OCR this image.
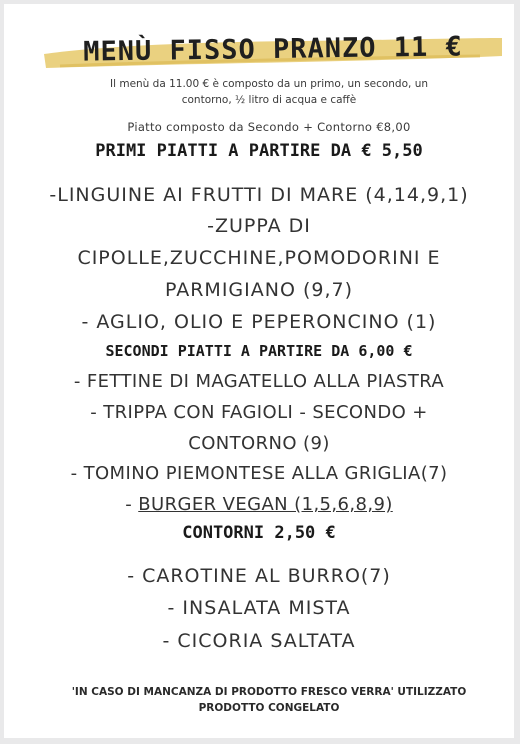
MENÙ FISSO PRANZO 11 €
Il menù da 11.00 € è composto da un primo, un secondo, un
contorno, ½ litro di acqua e caffè
Piatto composto da Secondo + Contorno €8,00
PRIMI PIATTI A PARTIRE DA € 5,50
-LINGUINE AI FRUTTI DI MARE (4,14,9,1)
-ZUPPA DI
CIPOLLE,ZUCCHINE,POMODORINI E
PARMIGIANO (9,7)
- AGLIO, OLIO E PEPERONCINO (1)
SECONDI PIATTI A PARTIRE DA 6,00 €
- FETTINE DI MAGATELLO ALLA PIASTRA
- TRIPPA CON FAGIOLI - SECONDO +
CONTORNO (9)
- TOMINO PIEMONTESE ALLA GRIGLIA(7)
- BURGER VEGAN (1,5,6,8,9)
CONTORNI 2,50 €
- CAROTINE AL BURRO(7)
- INSALATA MISTA
- CICORIA SALTATA
'IN CASO DI MANCANZA DI PRODOTTO FRESCO VERRA' UTILIZZATO
PRODOTTO CONGELATO
